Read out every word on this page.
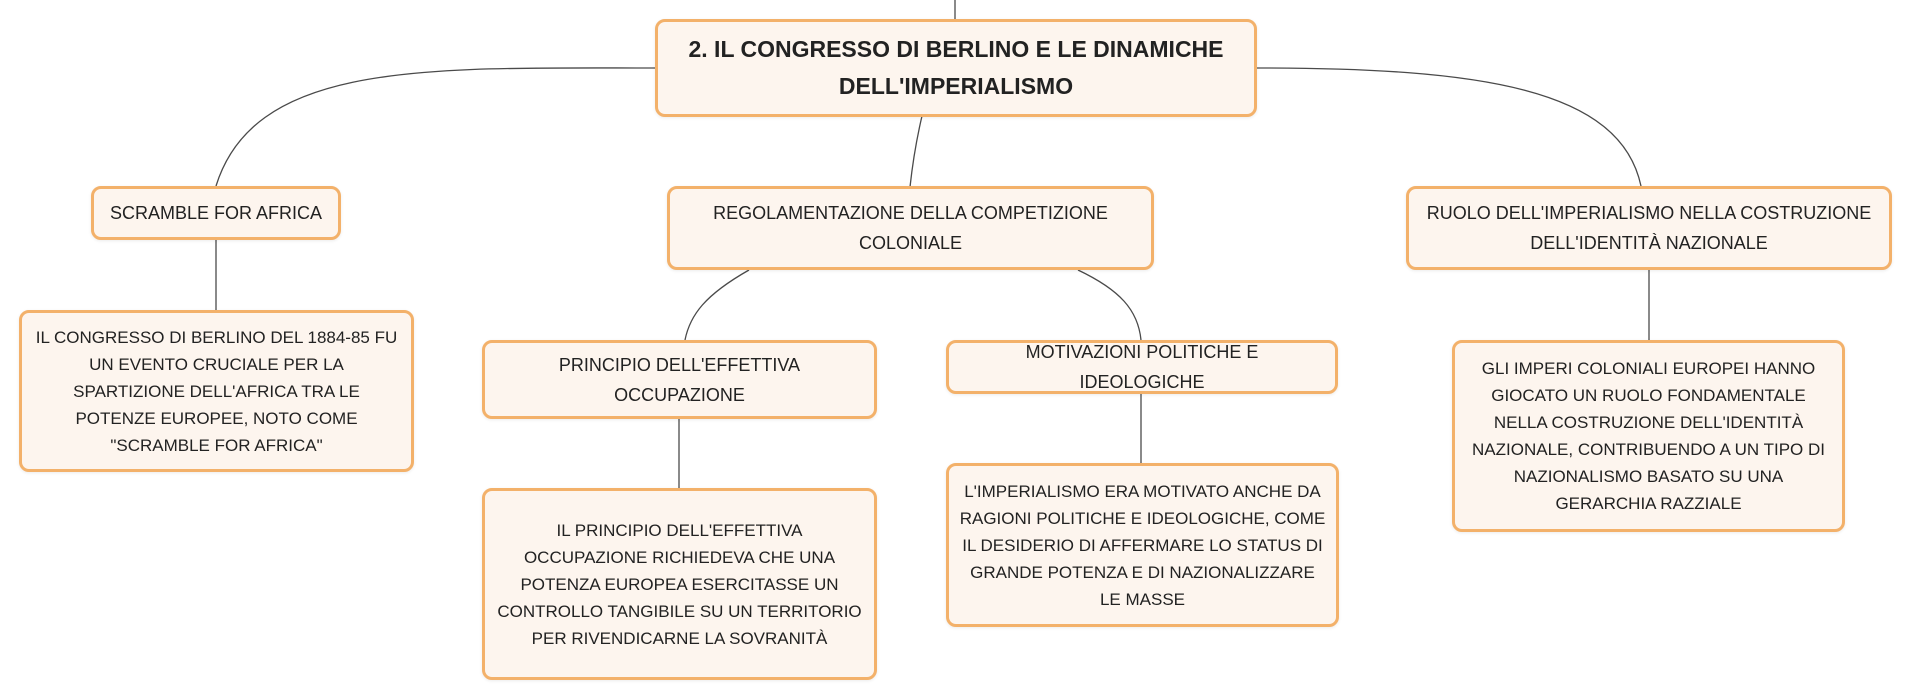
2. IL CONGRESSO DI BERLINO E LE DINAMICHE DELL'IMPERIALISMO
SCRAMBLE FOR AFRICA
IL CONGRESSO DI BERLINO DEL 1884-85 FU UN EVENTO CRUCIALE PER LA SPARTIZIONE DELL'AFRICA TRA LE POTENZE EUROPEE, NOTO COME "SCRAMBLE FOR AFRICA"
REGOLAMENTAZIONE DELLA COMPETIZIONE COLONIALE
PRINCIPIO DELL'EFFETTIVA OCCUPAZIONE
IL PRINCIPIO DELL'EFFETTIVA OCCUPAZIONE RICHIEDEVA CHE UNA POTENZA EUROPEA ESERCITASSE UN CONTROLLO TANGIBILE SU UN TERRITORIO PER RIVENDICARNE LA SOVRANITÀ
MOTIVAZIONI POLITICHE E IDEOLOGICHE
L'IMPERIALISMO ERA MOTIVATO ANCHE DA RAGIONI POLITICHE E IDEOLOGICHE, COME IL DESIDERIO DI AFFERMARE LO STATUS DI GRANDE POTENZA E DI NAZIONALIZZARE LE MASSE
RUOLO DELL'IMPERIALISMO NELLA COSTRUZIONE DELL'IDENTITÀ NAZIONALE
GLI IMPERI COLONIALI EUROPEI HANNO GIOCATO UN RUOLO FONDAMENTALE NELLA COSTRUZIONE DELL'IDENTITÀ NAZIONALE, CONTRIBUENDO A UN TIPO DI NAZIONALISMO BASATO SU UNA GERARCHIA RAZZIALE
